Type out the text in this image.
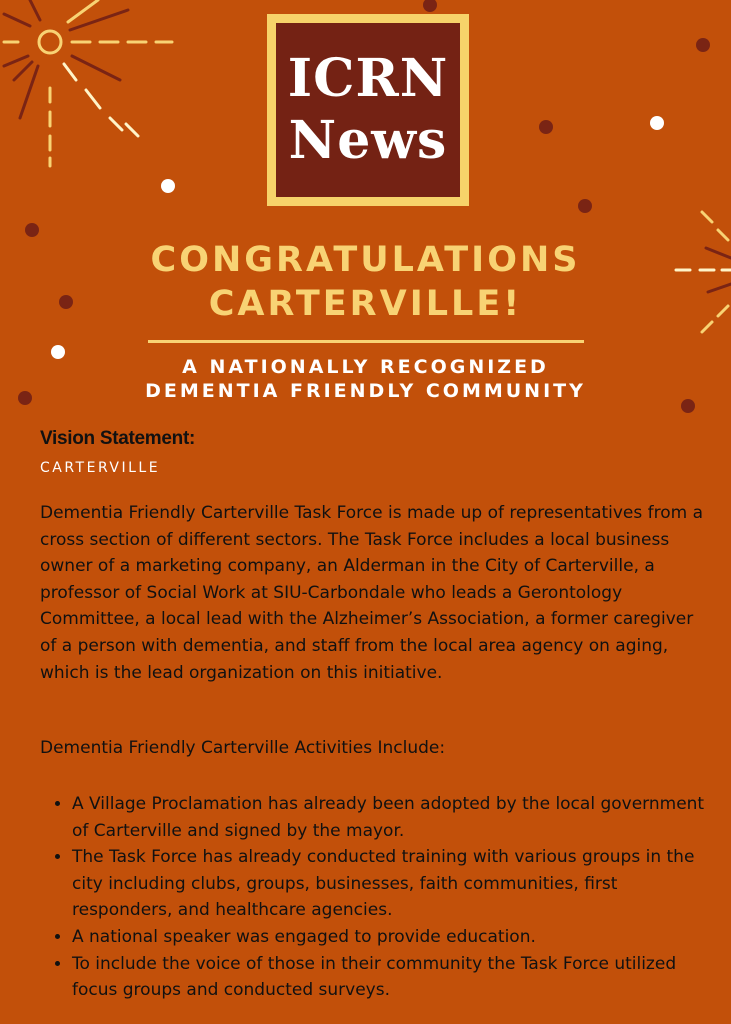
ICRN
News
CONGRATULATIONS
CARTERVILLE!
A NATIONALLY RECOGNIZED
DEMENTIA FRIENDLY COMMUNITY
Vision Statement:
CARTERVILLE

Dementia Friendly Carterville Task Force is made up of representatives from a cross section of different sectors. The Task Force includes a local business owner of a marketing company, an Alderman in the City of Carterville, a professor of Social Work at SIU-Carbondale who leads a Gerontology Committee, a local lead with the Alzheimer’s Association, a former caregiver of a person with dementia, and staff from the local area agency on aging, which is the lead organization on this initiative.

Dementia Friendly Carterville Activities Include:

• A Village Proclamation has already been adopted by the local government of Carterville and signed by the mayor.
• The Task Force has already conducted training with various groups in the city including clubs, groups, businesses, faith communities, first responders, and healthcare agencies.
• A national speaker was engaged to provide education.
• To include the voice of those in their community the Task Force utilized focus groups and conducted surveys.
